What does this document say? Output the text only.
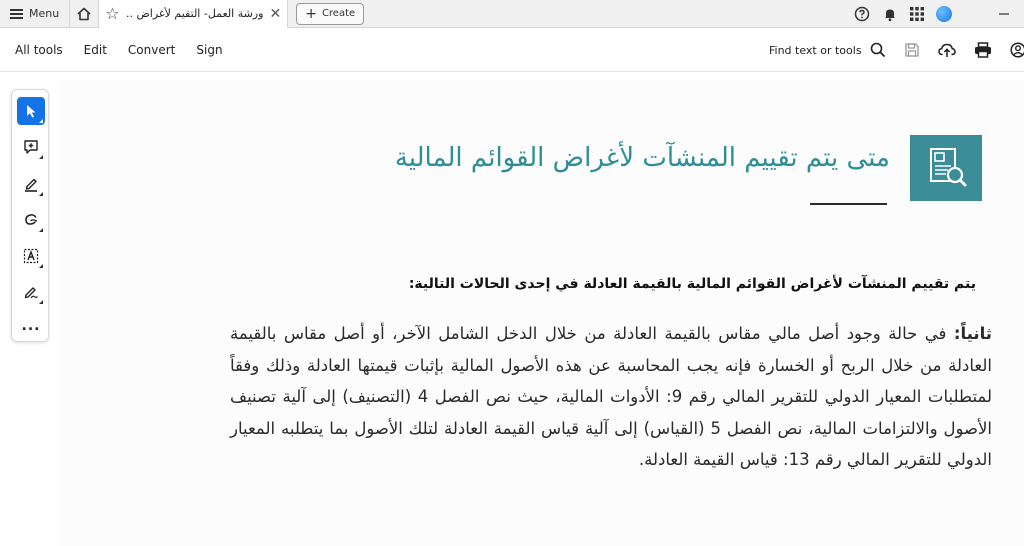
Menu	☆ ورشة العمل- التقيم لأغراض .. ✕ + Create
All tools Edit Convert Sign	Find text or tools
متى يتم تقييم المنشآت لأغراض القوائم المالية
يتم تقييم المنشآت لأغراض القوائم المالية بالقيمة العادلة في إحدى الحالات التالية:
ثانياً: في حالة وجود أصل مالي مقاس بالقيمة العادلة من خلال الدخل الشامل الآخر، أو أصل مقاس بالقيمة العادلة من خلال الربح أو الخسارة فإنه يجب المحاسبة عن هذه الأصول المالية بإثبات قيمتها العادلة وذلك وفقاً لمتطلبات المعيار الدولي للتقرير المالي رقم 9: الأدوات المالية، حيث نص الفصل 4 (التصنيف) إلى آلية تصنيف الأصول والالتزامات المالية، نص الفصل 5 (القياس) إلى آلية قياس القيمة العادلة لتلك الأصول بما يتطلبه المعيار الدولي للتقرير المالي رقم 13: قياس القيمة العادلة.
...
